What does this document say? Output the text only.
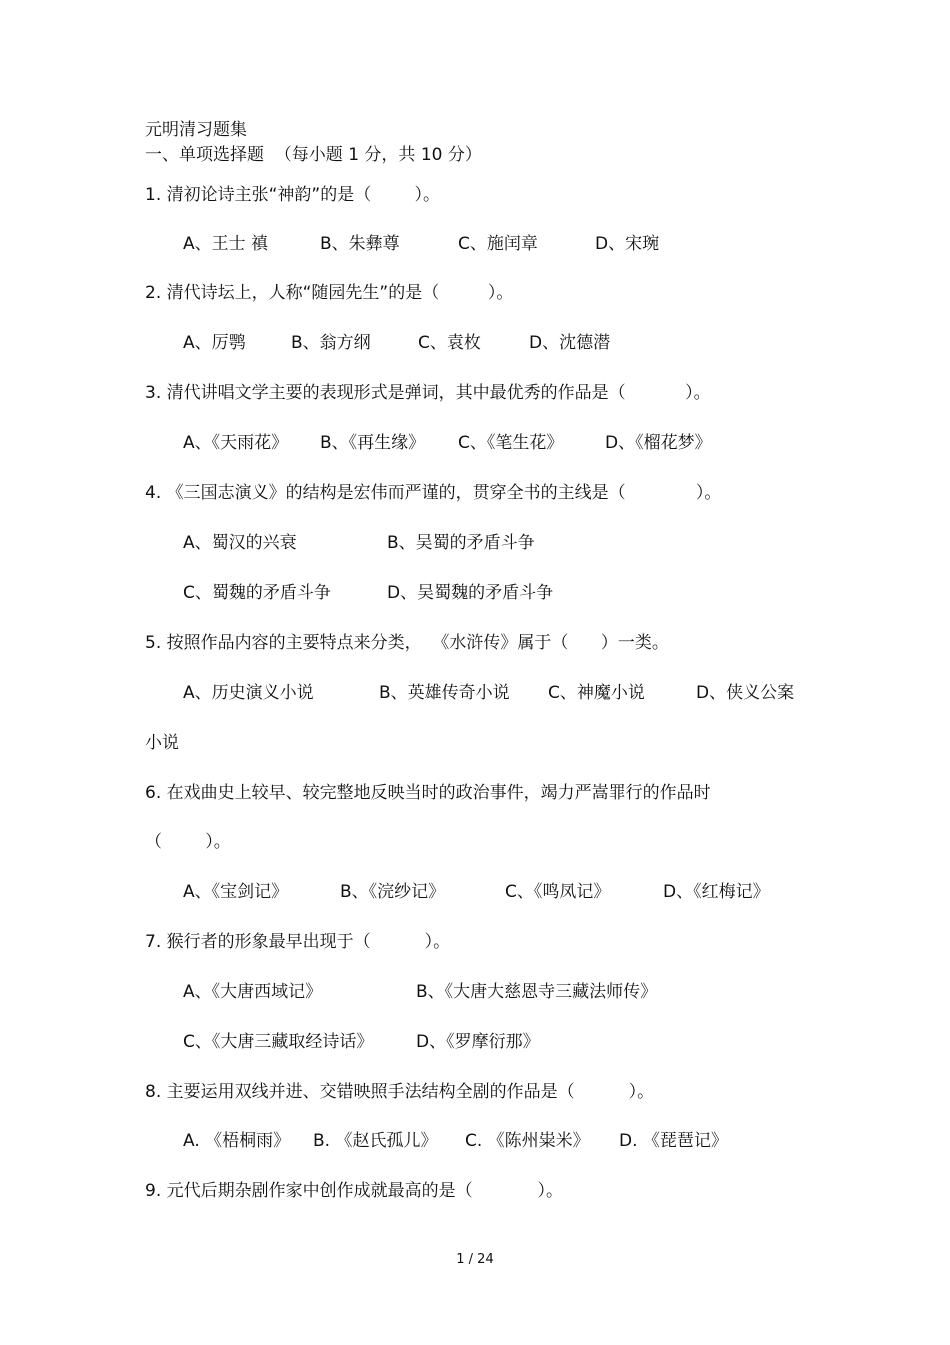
元明清习题集
一、单项选择题  （每小题 1 分，共 10 分）
1. 清初论诗主张“神韵”的是（        ）。
A、王士 禛	B、朱彝尊	C、施闰章	D、宋琬
2. 清代诗坛上，人称“随园先生”的是（         ）。
A、厉鹗	B、翁方纲	C、袁枚	D、沈德潜
3. 清代讲唱文学主要的表现形式是弹词，其中最优秀的作品是（           ）。
A、《天雨花》 B、《再生缘》 C、《笔生花》 D、《榴花梦》
4. 《三国志演义》的结构是宏伟而严谨的，贯穿全书的主线是（             ）。
A、蜀汉的兴衰	B、吴蜀的矛盾斗争
C、蜀魏的矛盾斗争	D、吴蜀魏的矛盾斗争
5. 按照作品内容的主要特点来分类，  《水浒传》属于（      ）一类。
A、历史演义小说	B、英雄传奇小说 C、神魔小说	D、侠义公案
小说
6. 在戏曲史上较早、较完整地反映当时的政治事件，竭力严嵩罪行的作品时
（        ）。
A、《宝剑记》	B、《浣纱记》	C、《鸣凤记》	D、《红梅记》
7. 猴行者的形象最早出现于（          ）。
A、《大唐西域记》	B、《大唐大慈恩寺三藏法师传》
C、《大唐三藏取经诗话》	D、《罗摩衍那》
8. 主要运用双线并进、交错映照手法结构全剧的作品是（          ）。
A. 《梧桐雨》 B. 《赵氏孤儿》 C. 《陈州粜米》 D. 《琵琶记》
9. 元代后期杂剧作家中创作成就最高的是（            ）。
1 / 24
